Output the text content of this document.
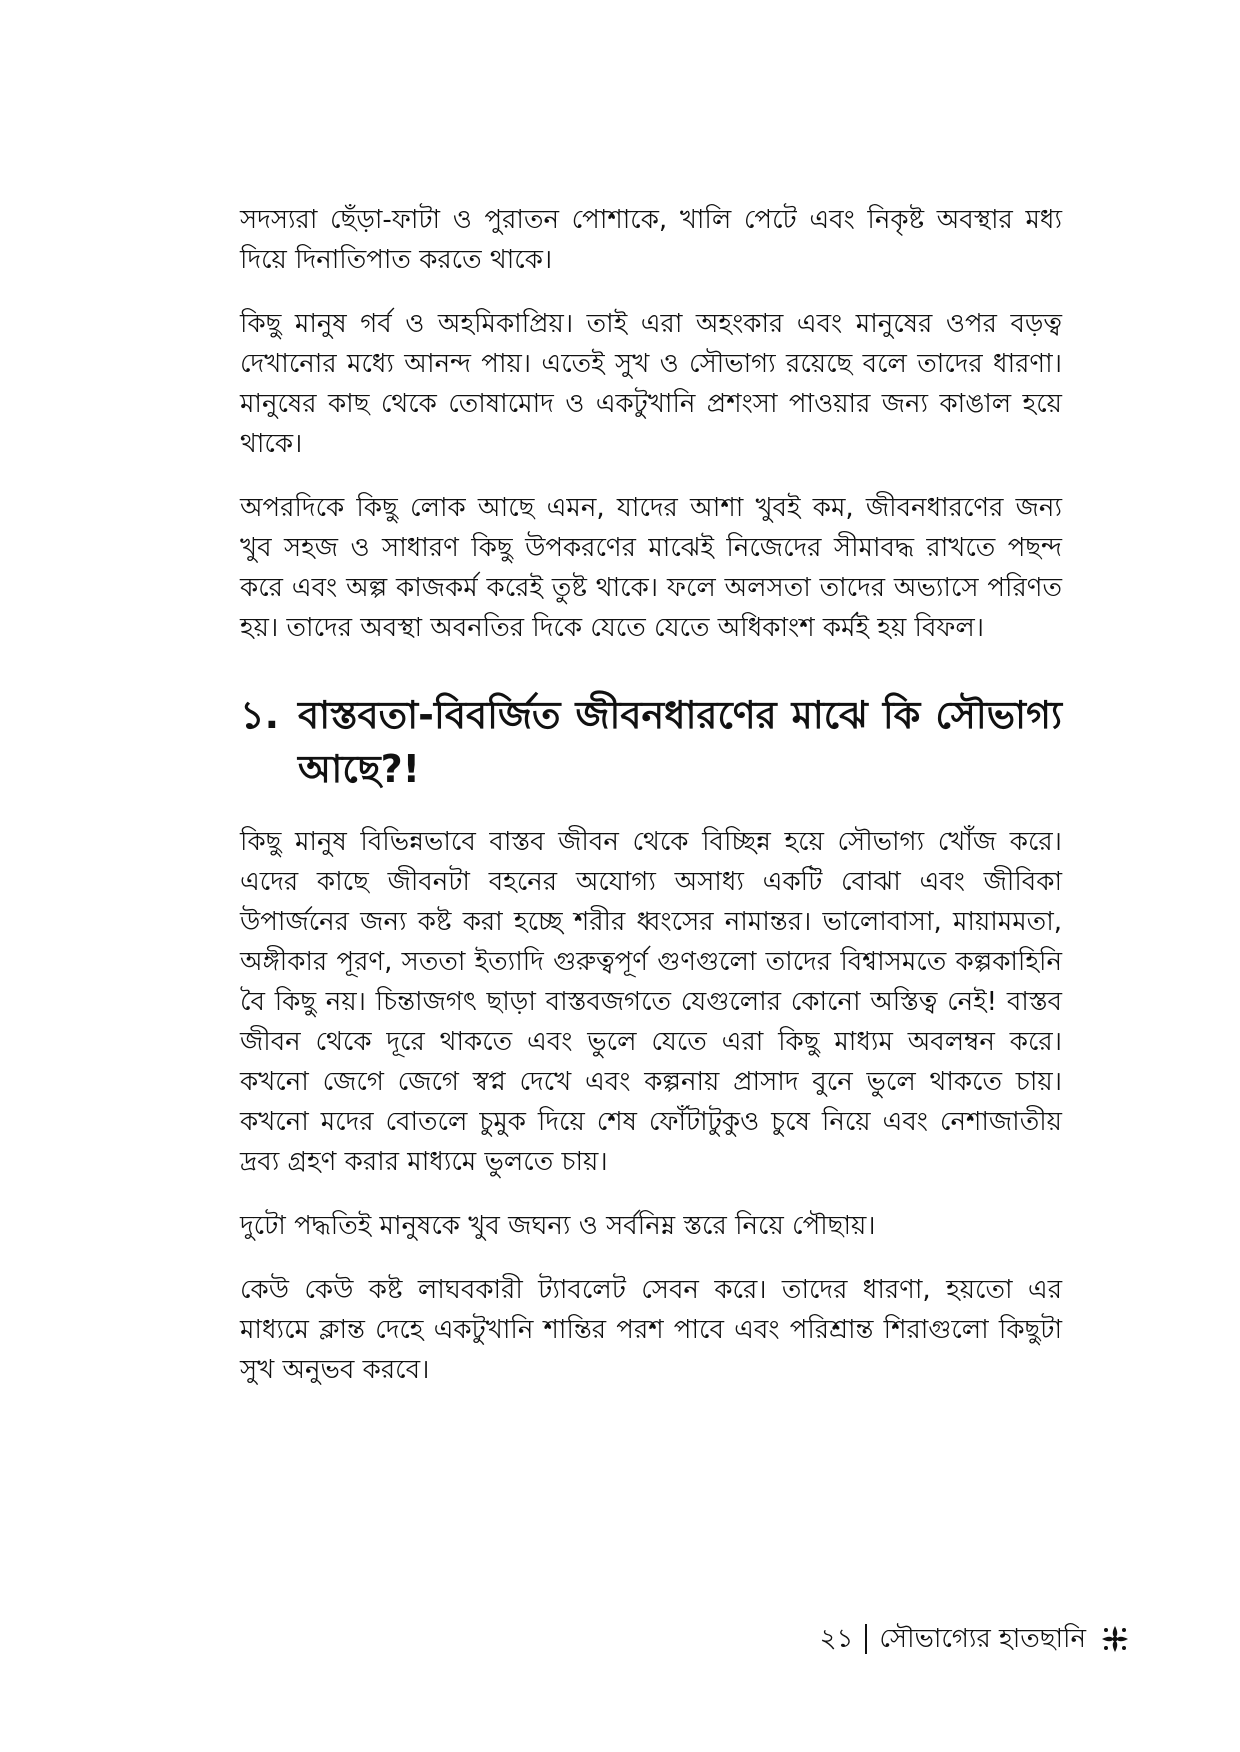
সদস্যরা ছেঁড়া-ফাটা ও পুরাতন পোশাকে, খালি পেটে এবং নিকৃষ্ট অবস্থার মধ্য দিয়ে দিনাতিপাত করতে থাকে।

কিছু মানুষ গর্ব ও অহমিকাপ্রিয়। তাই এরা অহংকার এবং মানুষের ওপর বড়ত্ব দেখানোর মধ্যে আনন্দ পায়। এতেই সুখ ও সৌভাগ্য রয়েছে বলে তাদের ধারণা। মানুষের কাছ থেকে তোষামোদ ও একটুখানি প্রশংসা পাওয়ার জন্য কাঙাল হয়ে থাকে।

অপরদিকে কিছু লোক আছে এমন, যাদের আশা খুবই কম, জীবনধারণের জন্য খুব সহজ ও সাধারণ কিছু উপকরণের মাঝেই নিজেদের সীমাবদ্ধ রাখতে পছন্দ করে এবং অল্প কাজকর্ম করেই তুষ্ট থাকে। ফলে অলসতা তাদের অভ্যাসে পরিণত হয়। তাদের অবস্থা অবনতির দিকে যেতে যেতে অধিকাংশ কর্মই হয় বিফল।

১. বাস্তবতা-বিবর্জিত জীবনধারণের মাঝে কি সৌভাগ্য আছে?!

কিছু মানুষ বিভিন্নভাবে বাস্তব জীবন থেকে বিচ্ছিন্ন হয়ে সৌভাগ্য খোঁজ করে। এদের কাছে জীবনটা বহনের অযোগ্য অসাধ্য একটি বোঝা এবং জীবিকা উপার্জনের জন্য কষ্ট করা হচ্ছে শরীর ধ্বংসের নামান্তর। ভালোবাসা, মায়ামমতা, অঙ্গীকার পূরণ, সততা ইত্যাদি গুরুত্বপূর্ণ গুণগুলো তাদের বিশ্বাসমতে কল্পকাহিনি বৈ কিছু নয়। চিন্তাজগৎ ছাড়া বাস্তবজগতে যেগুলোর কোনো অস্তিত্ব নেই! বাস্তব জীবন থেকে দূরে থাকতে এবং ভুলে যেতে এরা কিছু মাধ্যম অবলম্বন করে। কখনো জেগে জেগে স্বপ্ন দেখে এবং কল্পনায় প্রাসাদ বুনে ভুলে থাকতে চায়। কখনো মদের বোতলে চুমুক দিয়ে শেষ ফোঁটাটুকুও চুষে নিয়ে এবং নেশাজাতীয় দ্রব্য গ্রহণ করার মাধ্যমে ভুলতে চায়।

দুটো পদ্ধতিই মানুষকে খুব জঘন্য ও সর্বনিম্ন স্তরে নিয়ে পৌছায়।

কেউ কেউ কষ্ট লাঘবকারী ট্যাবলেট সেবন করে। তাদের ধারণা, হয়তো এর মাধ্যমে ক্লান্ত দেহে একটুখানি শান্তির পরশ পাবে এবং পরিশ্রান্ত শিরাগুলো কিছুটা সুখ অনুভব করবে।

২১ সৌভাগ্যের হাতছানি
